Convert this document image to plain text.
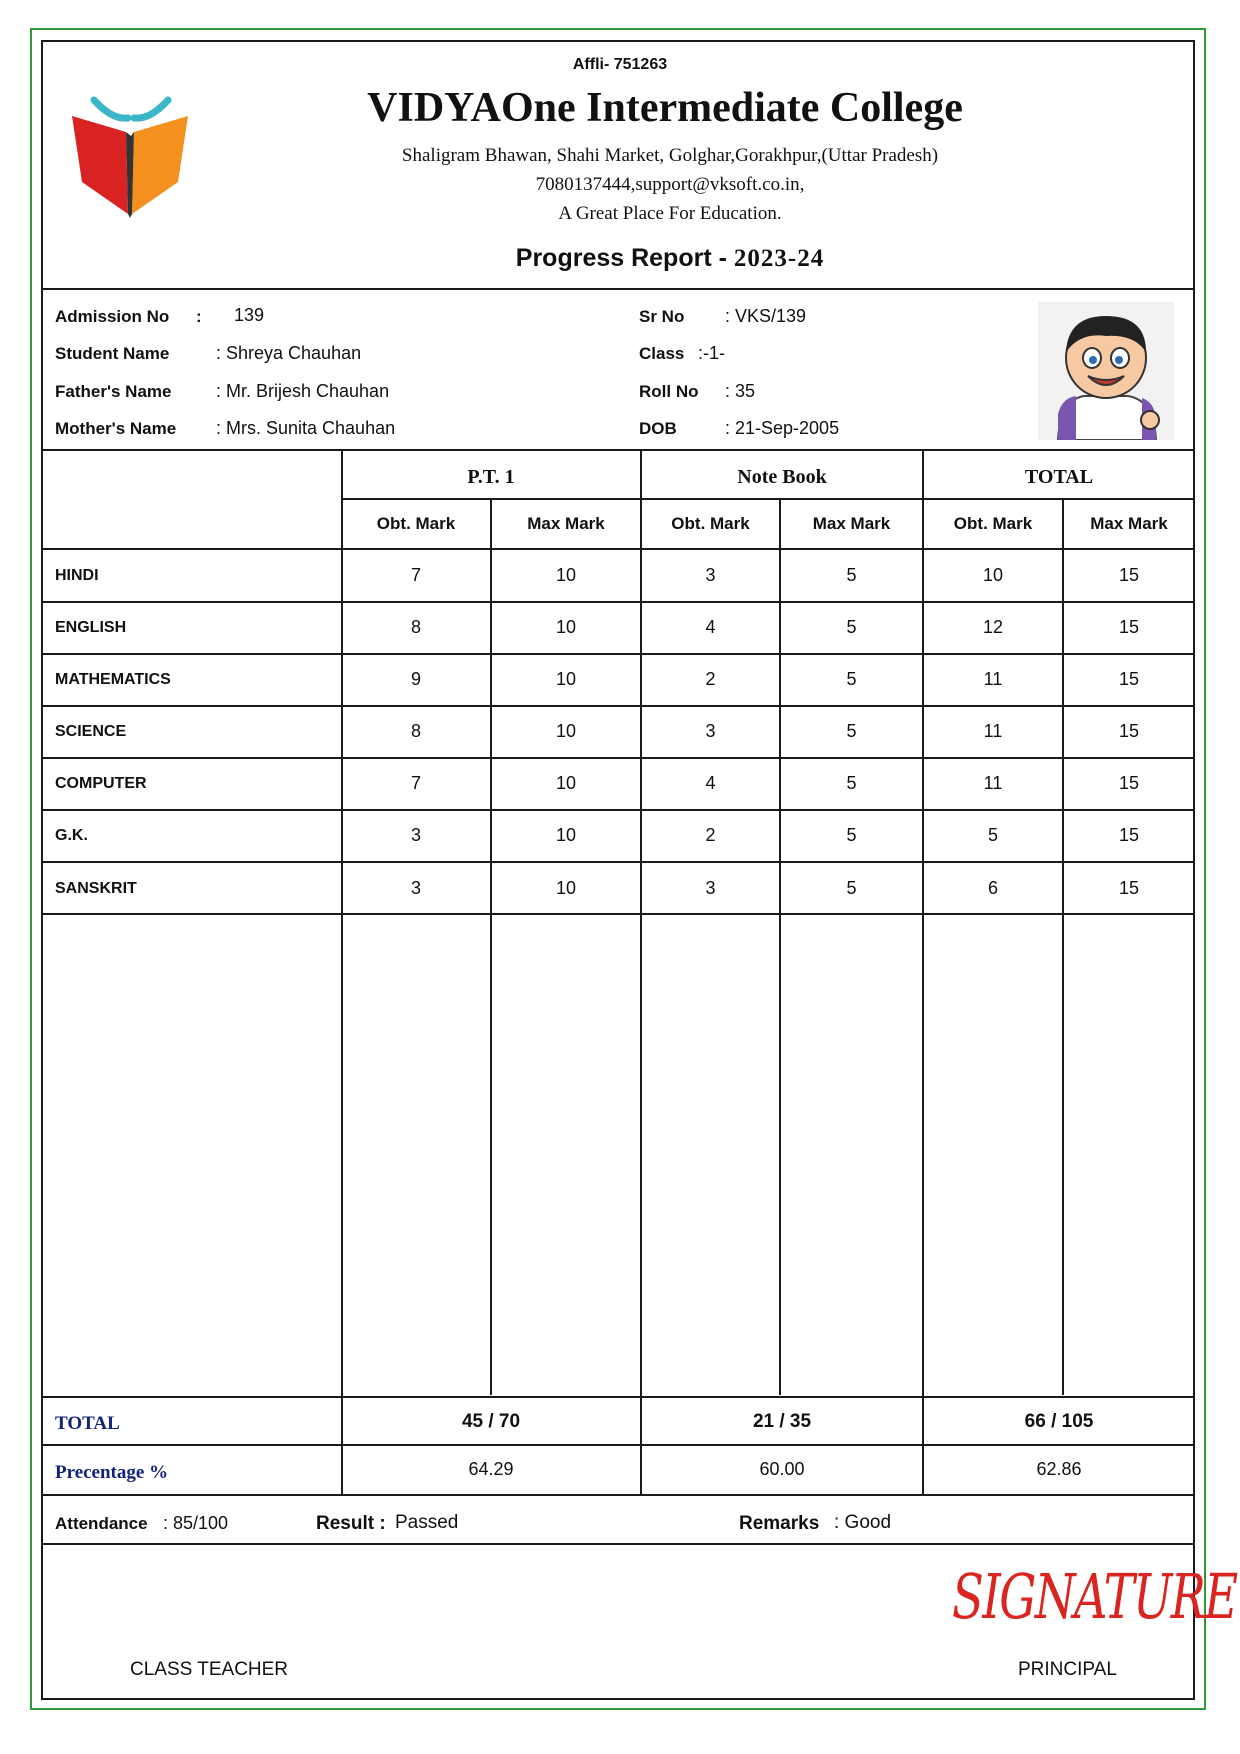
Affli- 751263
VIDYAOne Intermediate College
Shaligram Bhawan, Shahi Market, Golghar,Gorakhpur,(Uttar Pradesh)
7080137444,support@vksoft.co.in,
A Great Place For Education.
Progress Report - 2023-24
Admission No : 139
Student Name	: Shreya Chauhan
Father's Name : Mr. Brijesh Chauhan
Mother's Name : Mrs. Sunita Chauhan
Sr No : VKS/139
Class :-1-
Roll No : 35
DOB	: 21-Sep-2005
P.T. 1	Note Book	TOTAL
Obt. Mark	Max Mark	Obt. Mark	Max Mark	Obt. Mark	Max Mark
HINDI	7	10	3	5	10	15
ENGLISH	8	10	4	5	12	15
MATHEMATICS	9	10	2	5	11	15
SCIENCE	8	10	3	5	11	15
COMPUTER	7	10	4	5	11	15
G.K.	3	10	2	5	5	15
SANSKRIT	3	10	3	5	6	15
TOTAL	45 / 70	21 / 35	66 / 105
Precentage %	64.29	60.00	62.86
Attendance : 85/100	Result : Passed	Remarks : Good
SIGNATURE
CLASS TEACHER	PRINCIPAL
